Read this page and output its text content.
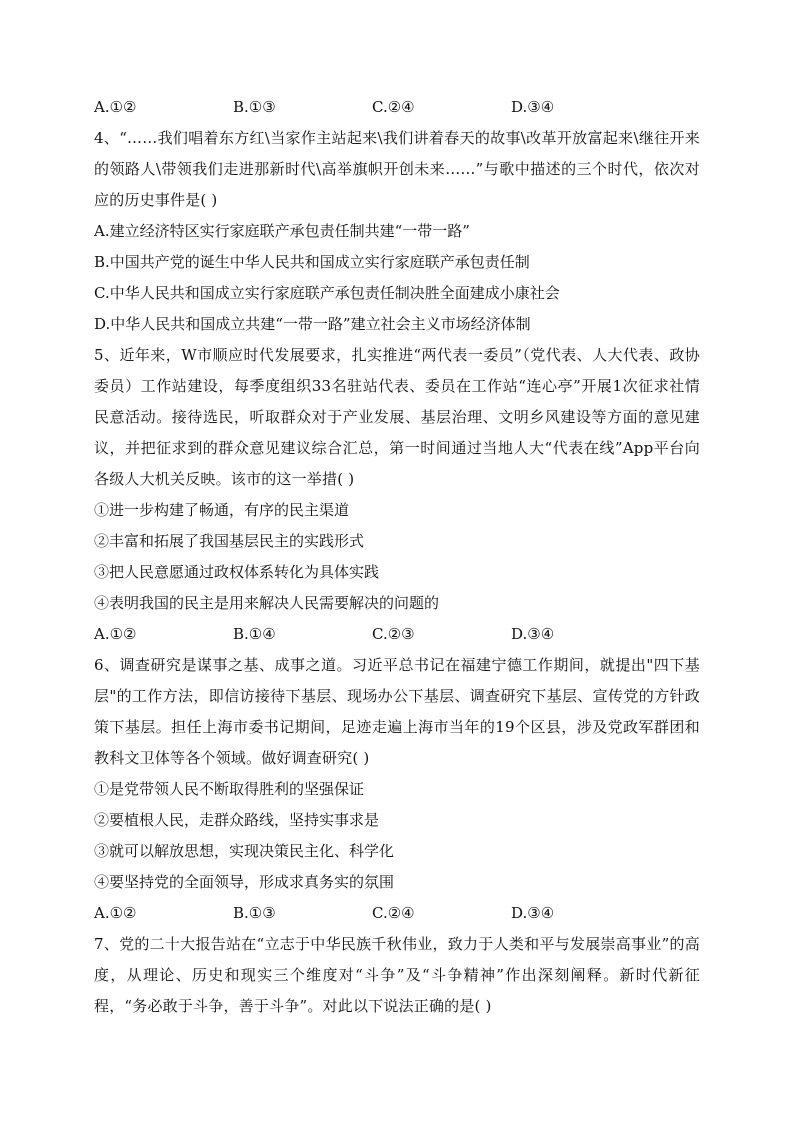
A.①②	B.①③	C.②④	D.③④
4、“……我们唱着东方红\当家作主站起来\我们讲着春天的故事\改革开放富起来\继往开来的领路人\带领我们走进那新时代\高举旗帜开创未来……”与歌中描述的三个时代，依次对应的历史事件是( )
A.建立经济特区实行家庭联产承包责任制共建“一带一路”
B.中国共产党的诞生中华人民共和国成立实行家庭联产承包责任制
C.中华人民共和国成立实行家庭联产承包责任制决胜全面建成小康社会
D.中华人民共和国成立共建“一带一路”建立社会主义市场经济体制
5、近年来，W市顺应时代发展要求，扎实推进“两代表一委员”（党代表、人大代表、政协委员）工作站建设，每季度组织33名驻站代表、委员在工作站“连心亭”开展1次征求社情民意活动。接待选民，听取群众对于产业发展、基层治理、文明乡风建设等方面的意见建议，并把征求到的群众意见建议综合汇总，第一时间通过当地人大“代表在线”App平台向各级人大机关反映。该市的这一举措( )
①进一步构建了畅通，有序的民主渠道
②丰富和拓展了我国基层民主的实践形式
③把人民意愿通过政权体系转化为具体实践
④表明我国的民主是用来解决人民需要解决的问题的
A.①②	B.①④	C.②③	D.③④
6、调查研究是谋事之基、成事之道。习近平总书记在福建宁德工作期间，就提出"四下基层"的工作方法，即信访接待下基层、现场办公下基层、调查研究下基层、宣传党的方针政策下基层。担任上海市委书记期间，足迹走遍上海市当年的19个区县，涉及党政军群团和教科文卫体等各个领域。做好调查研究( )
①是党带领人民不断取得胜利的坚强保证
②要植根人民，走群众路线，坚持实事求是
③就可以解放思想，实现决策民主化、科学化
④要坚持党的全面领导，形成求真务实的氛围
A.①②	B.①③	C.②④	D.③④
7、党的二十大报告站在“立志于中华民族千秋伟业，致力于人类和平与发展崇高事业”的高度，从理论、历史和现实三个维度对“斗争”及“斗争精神”作出深刻阐释。新时代新征程，“务必敢于斗争，善于斗争”。对此以下说法正确的是( )
